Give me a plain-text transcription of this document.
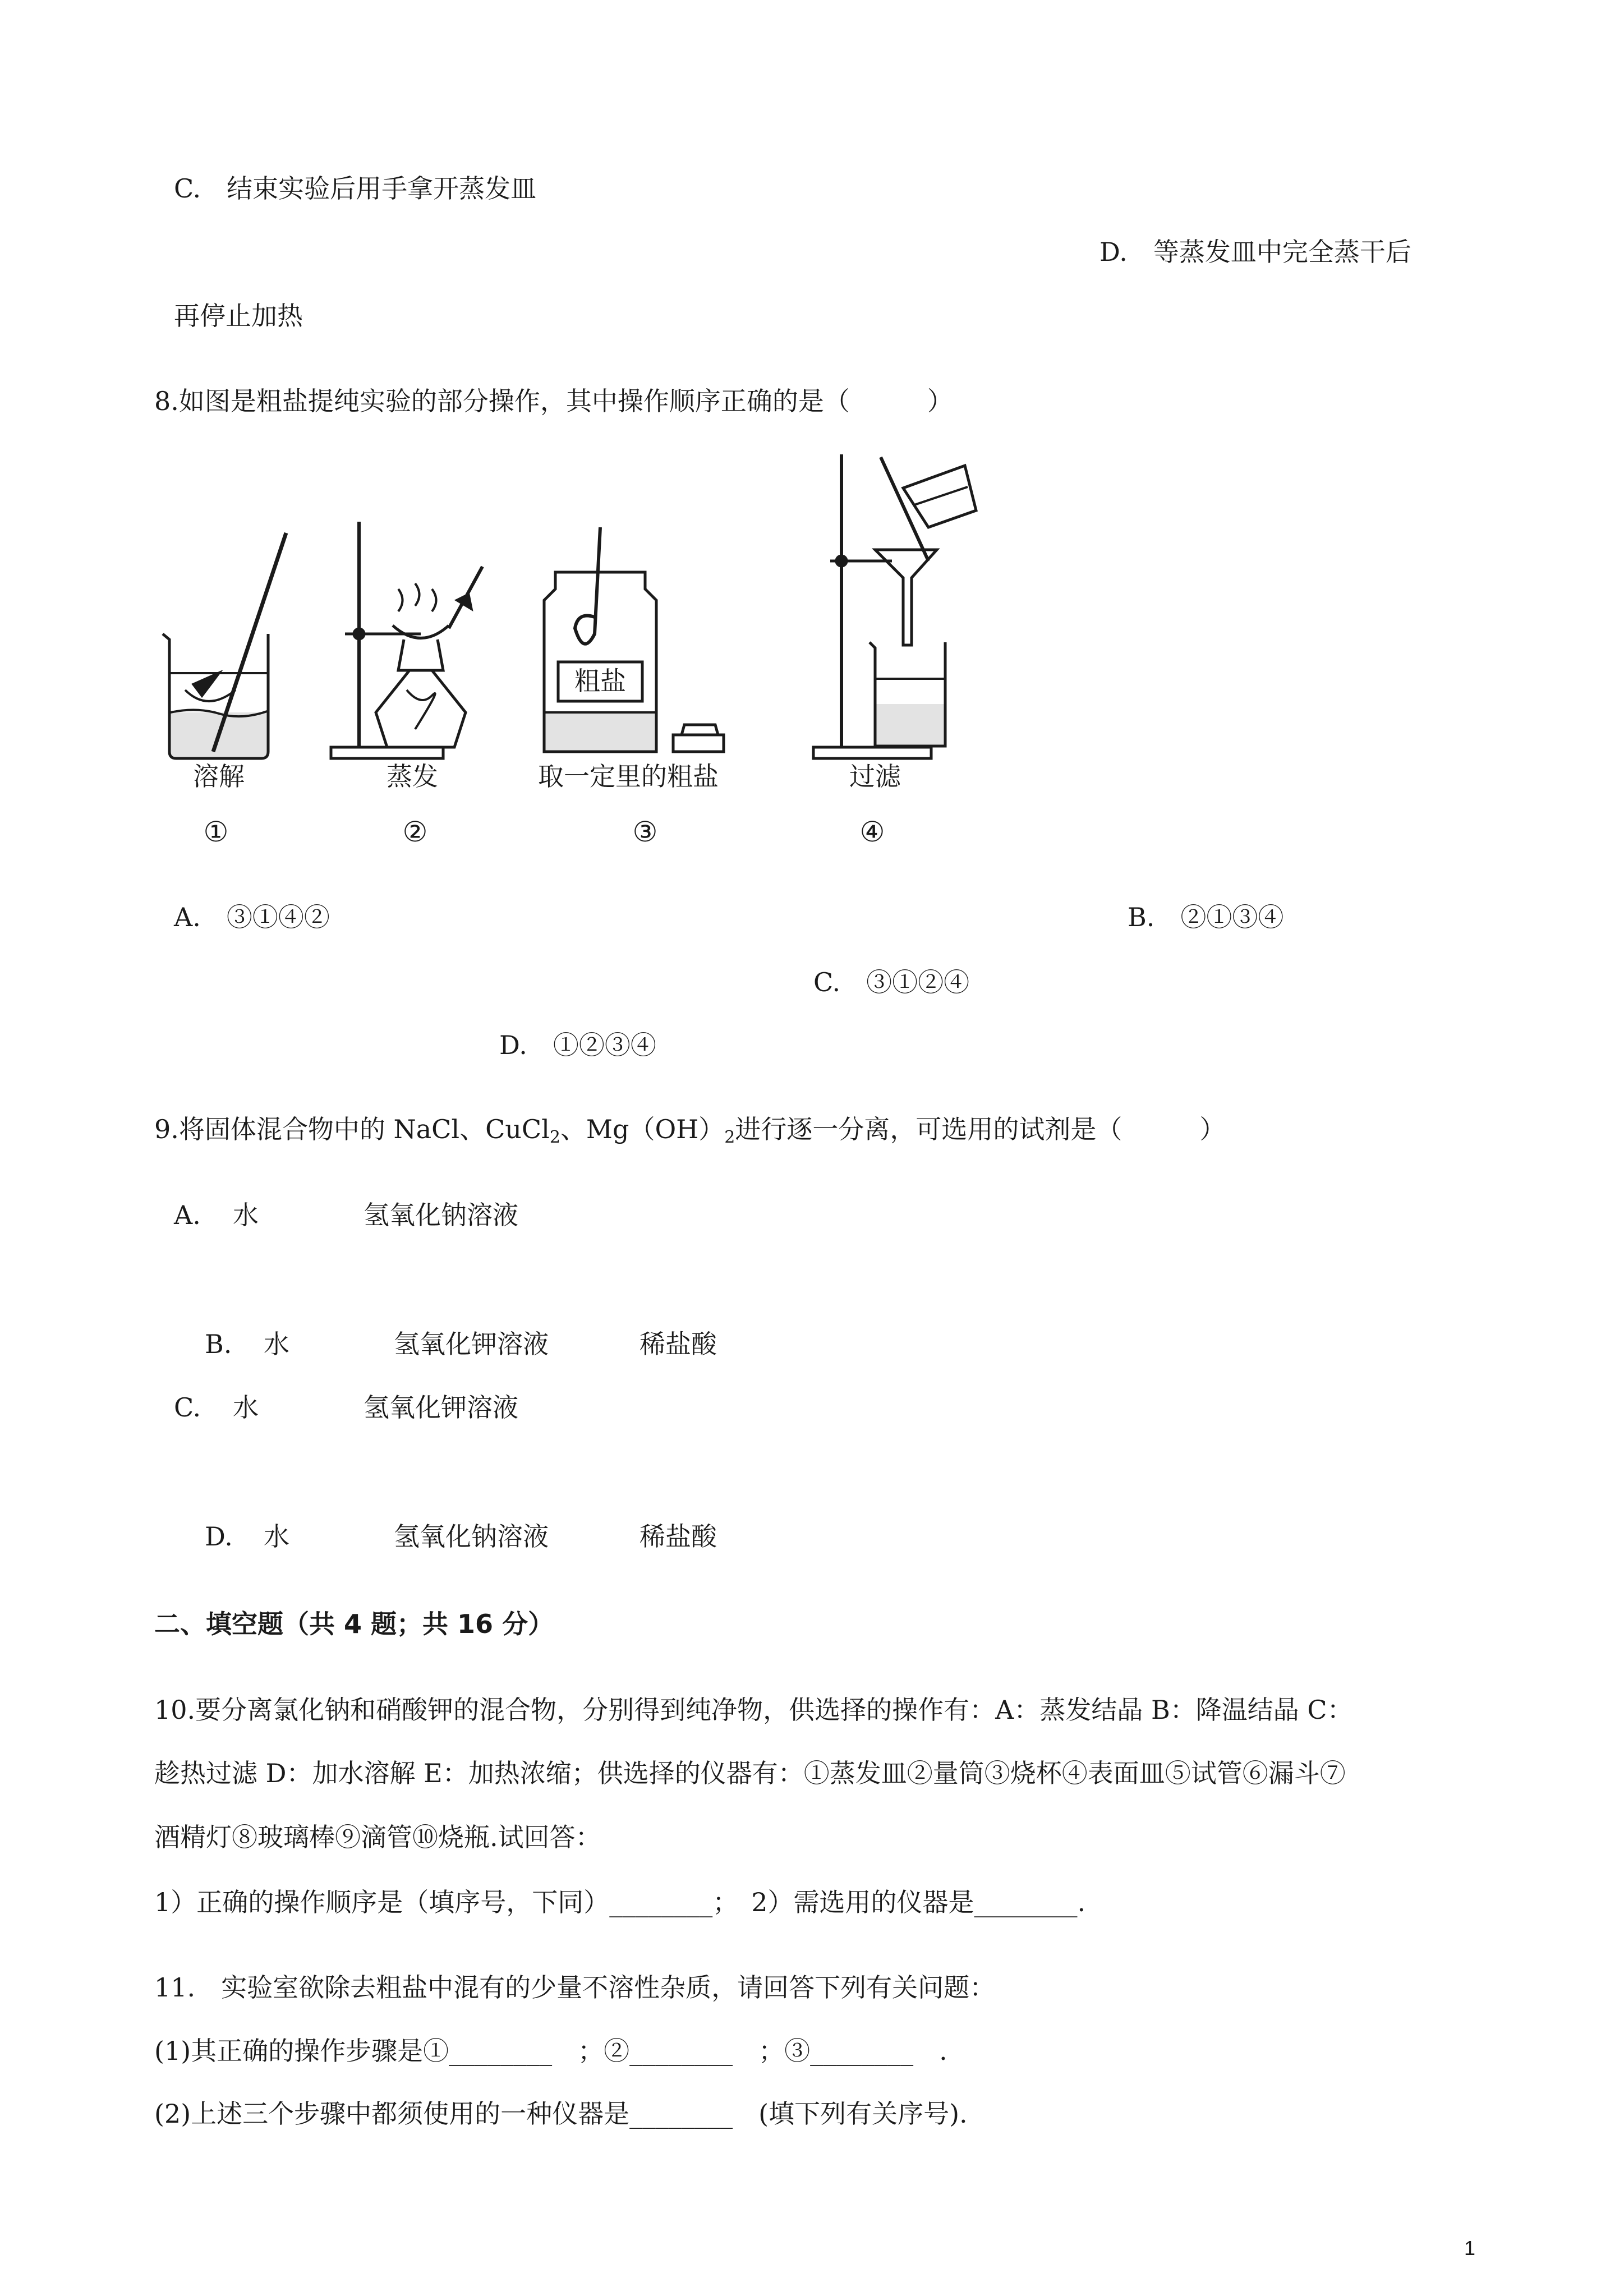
C.　结束实验后用手拿开蒸发皿
D.　等蒸发皿中完全蒸干后
再停止加热
8.如图是粗盐提纯实验的部分操作，其中操作顺序正确的是（　　　）
粗盐
溶解	蒸发	取一定里的粗盐	过滤
①	②	③	④
A.　③①④②	B.　②①③④
C.　③①②④
D.　①②③④
9.将固体混合物中的 NaCl、CuCl$_2$、$Mg(OH)_2$进行逐一分离，可选用的试剂是（　　　）
A. 水	氢氧化钠溶液
B. 水	氢氧化钾溶液	稀盐酸
C. 水	氢氧化钾溶液
D. 水	氢氧化钠溶液	稀盐酸
二、填空题（共 4 题；共 16 分）
10.要分离氯化钠和硝酸钾的混合物，分别得到纯净物，供选择的操作有：A：蒸发结晶 B：降温结晶 C：
趁热过滤 D：加水溶解 E：加热浓缩；供选择的仪器有：①蒸发皿②量筒③烧杯④表面皿⑤试管⑥漏斗⑦
酒精灯⑧玻璃棒⑨滴管⑩烧瓶.试回答：
1）正确的操作顺序是（填序号，下同）________；　2）需选用的仪器是________.
11.　实验室欲除去粗盐中混有的少量不溶性杂质，请回答下列有关问题：
(1)其正确的操作步骤是①________　；②________　；③________　.
(2)上述三个步骤中都须使用的一种仪器是________　(填下列有关序号).
1
